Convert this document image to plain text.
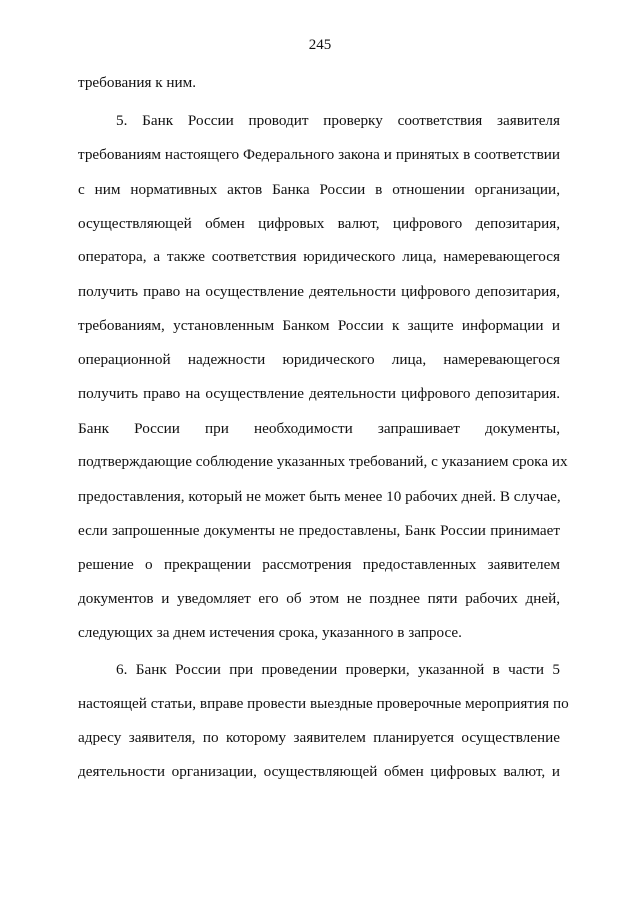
245
требования к ним.
5. Банк России проводит проверку соответствия заявителя
требованиям настоящего Федерального закона и принятых в соответствии
с ним нормативных актов Банка России в отношении организации,
осуществляющей обмен цифровых валют, цифрового депозитария,
оператора, а также соответствия юридического лица, намеревающегося
получить право на осуществление деятельности цифрового депозитария,
требованиям, установленным Банком России к защите информации и
операционной надежности юридического лица, намеревающегося
получить право на осуществление деятельности цифрового депозитария.
Банк России при необходимости запрашивает документы,
подтверждающие соблюдение указанных требований, с указанием срока их
предоставления, который не может быть менее 10 рабочих дней. В случае,
если запрошенные документы не предоставлены, Банк России принимает
решение о прекращении рассмотрения предоставленных заявителем
документов и уведомляет его об этом не позднее пяти рабочих дней,
следующих за днем истечения срока, указанного в запросе.
6. Банк России при проведении проверки, указанной в части 5
настоящей статьи, вправе провести выездные проверочные мероприятия по
адресу заявителя, по которому заявителем планируется осуществление
деятельности организации, осуществляющей обмен цифровых валют, и
